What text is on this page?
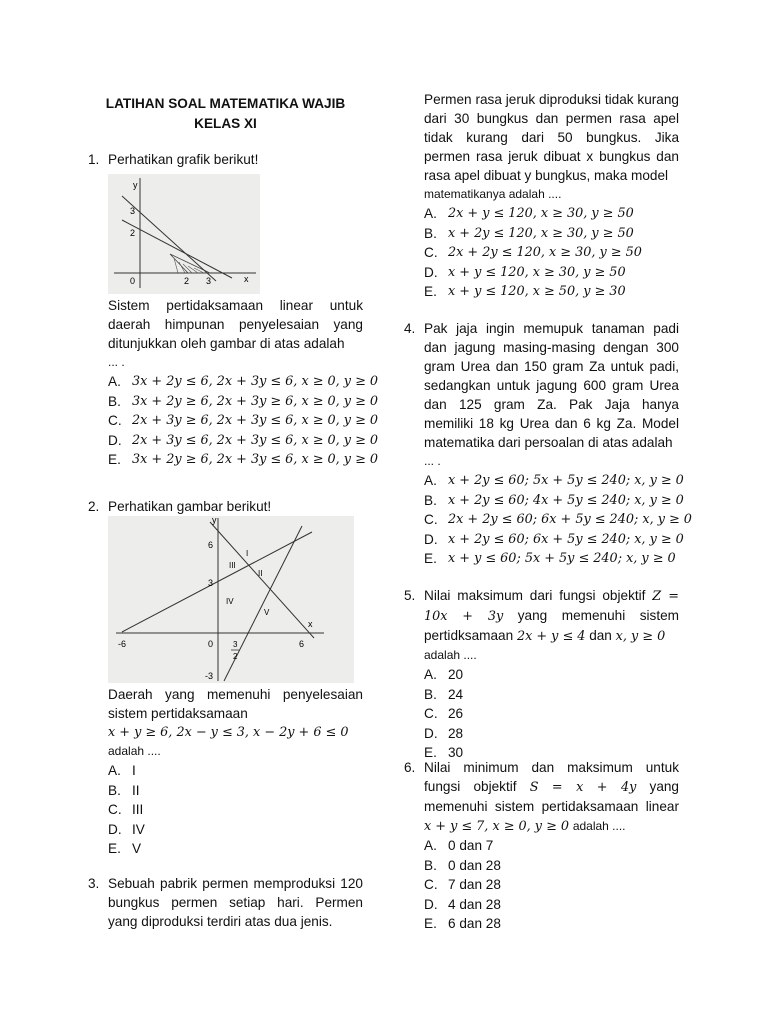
LATIHAN SOAL MATEMATIKA WAJIB

KELAS XI

1. Perhatikan grafik berikut!
y
x
3
2
0	2 3
Sistem pertidaksamaan linear untuk daerah himpunan penyelesaian yang ditunjukkan oleh gambar di atas adalah
... .
A. 3x + 2y ≤ 6, 2x + 3y ≤ 6, x ≥ 0, y ≥ 0
B. 3x + 2y ≥ 6, 2x + 3y ≥ 6, x ≥ 0, y ≥ 0
C. 2x + 3y ≥ 6, 2x + 3y ≤ 6, x ≥ 0, y ≥ 0
D. 2x + 3y ≤ 6, 2x + 3y ≤ 6, x ≥ 0, y ≥ 0
E. 3x + 2y ≥ 6, 2x + 3y ≤ 6, x ≥ 0, y ≥ 0
2. Perhatikan gambar berikut!
y
x
-6	0	6
3
2
6
3
-3
I
II
III
IV
V
Daerah yang memenuhi penyelesaian sistem pertidaksamaan
x + y ≥ 6, 2x − y ≤ 3, x − 2y + 6 ≤ 0
adalah ....
A. I
B. II
C. III
D. IV
E. V
3. Sebuah pabrik permen memproduksi 120 bungkus permen setiap hari. Permen yang diproduksi terdiri atas dua jenis.
Permen rasa jeruk diproduksi tidak kurang dari 30 bungkus dan permen rasa apel tidak kurang dari 50 bungkus. Jika permen rasa jeruk dibuat x bungkus dan rasa apel dibuat y bungkus, maka model
matematikanya adalah ....
A. 2x + y ≤ 120, x ≥ 30, y ≥ 50
B. x + 2y ≤ 120, x ≥ 30, y ≥ 50
C. 2x + 2y ≤ 120, x ≥ 30, y ≥ 50
D. x + y ≤ 120, x ≥ 30, y ≥ 50
E. x + y ≤ 120, x ≥ 50, y ≥ 30
4. Pak jaja ingin memupuk tanaman padi dan jagung masing-masing dengan 300 gram Urea dan 150 gram Za untuk padi, sedangkan untuk jagung 600 gram Urea dan 125 gram Za. Pak Jaja hanya memiliki 18 kg Urea dan 6 kg Za. Model matematika dari persoalan di atas adalah
... .
A. x + 2y ≤ 60; 5x + 5y ≤ 240; x, y ≥ 0
B. x + 2y ≤ 60; 4x + 5y ≤ 240; x, y ≥ 0
C. 2x + 2y ≤ 60; 6x + 5y ≤ 240; x, y ≥ 0
D. x + 2y ≤ 60; 6x + 5y ≤ 240; x, y ≥ 0
E. x + y ≤ 60; 5x + 5y ≤ 240; x, y ≥ 0
5. Nilai maksimum dari fungsi objektif Z = 10x + 3y yang memenuhi sistem pertidksamaan 2x + y ≤ 4 dan x, y ≥ 0
adalah ....
A. 20
B. 24
C. 26
D. 28
E. 30
6. Nilai minimum dan maksimum untuk fungsi objektif S = x + 4y yang memenuhi sistem pertidaksamaan linear x + y ≤ 7, x ≥ 0, y ≥ 0 adalah ....
A. 0 dan 7
B. 0 dan 28
C. 7 dan 28
D. 4 dan 28
E. 6 dan 28
